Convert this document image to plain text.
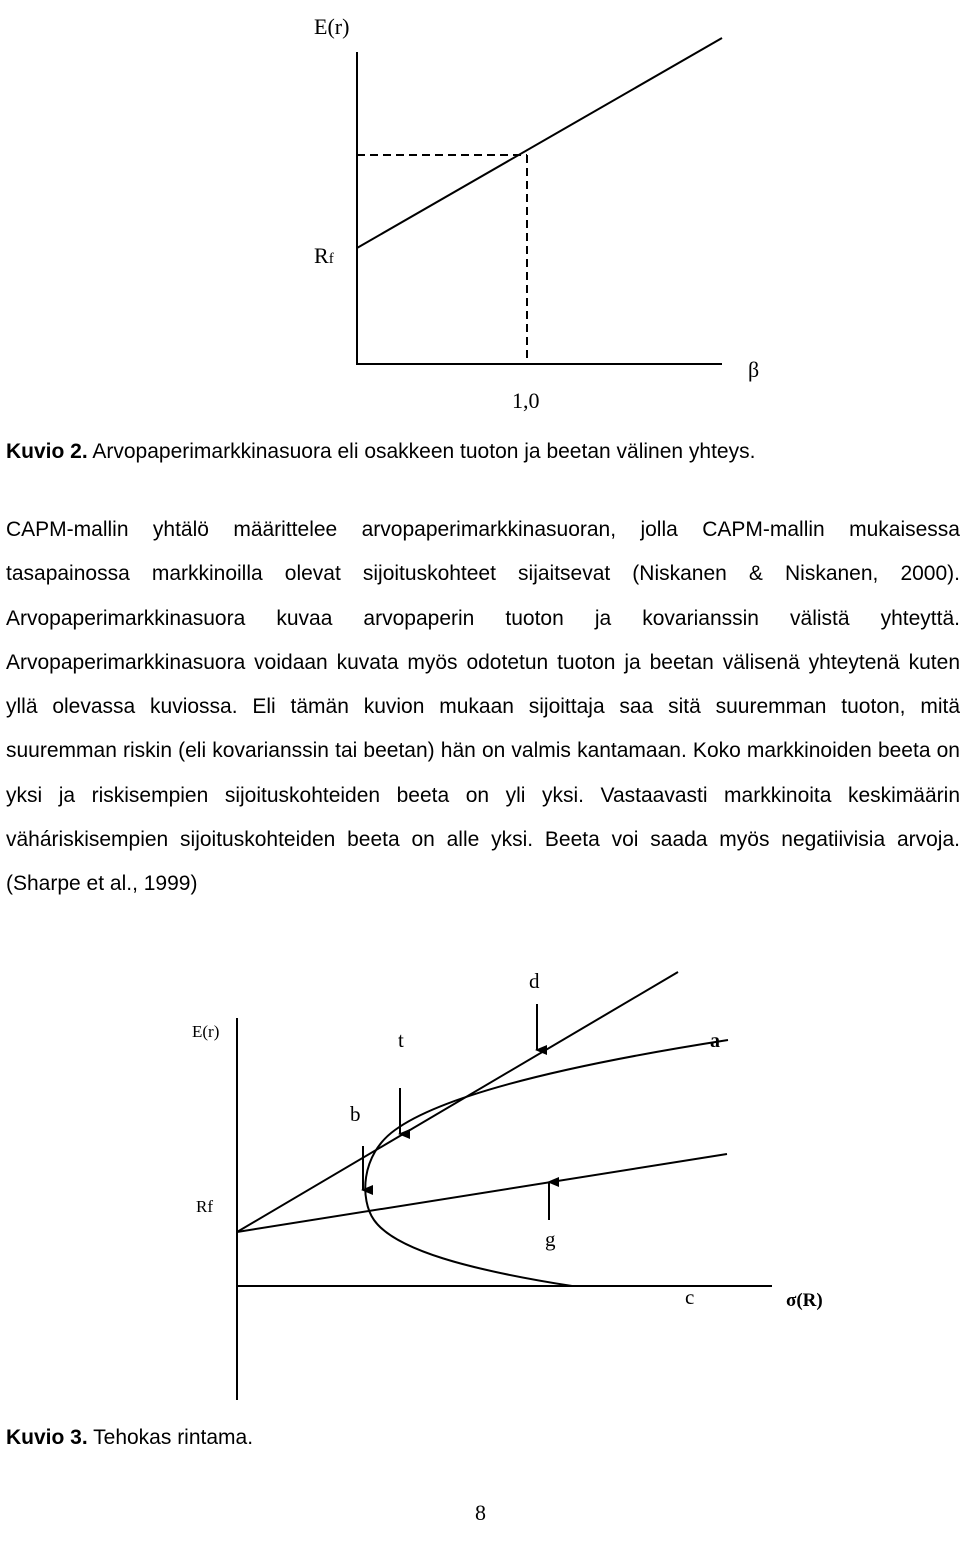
E(r)
Rf
1,0
β
Kuvio 2. Arvopaperimarkkinasuora eli osakkeen tuoton ja beetan välinen yhteys.
CAPM-mallin yhtälö määrittelee arvopaperimarkkinasuoran, jolla CAPM-mallin mukaisessa tasapainossa markkinoilla olevat sijoituskohteet sijaitsevat (Niskanen & Niskanen, 2000). Arvopaperimarkkinasuora kuvaa arvopaperin tuoton ja kovarianssin välistä yhteyttä. Arvopaperimarkkinasuora voidaan kuvata myös odotetun tuoton ja beetan välisenä yhteytenä kuten yllä olevassa kuviossa. Eli tämän kuvion mukaan sijoittaja saa sitä suuremman tuoton, mitä suuremman riskin (eli kovarianssin tai beetan) hän on valmis kantamaan. Koko markkinoiden beeta on yksi ja riskisempien sijoituskohteiden beeta on yli yksi. Vastaavasti markkinoita keskimäärin väháriskisempien sijoituskohteiden beeta on alle yksi. Beeta voi saada myös negatiivisia arvoja. (Sharpe et al., 1999)
E(r)
Rf
σ(R)
d
t	a
b
g
c
Kuvio 3. Tehokas rintama.
8
